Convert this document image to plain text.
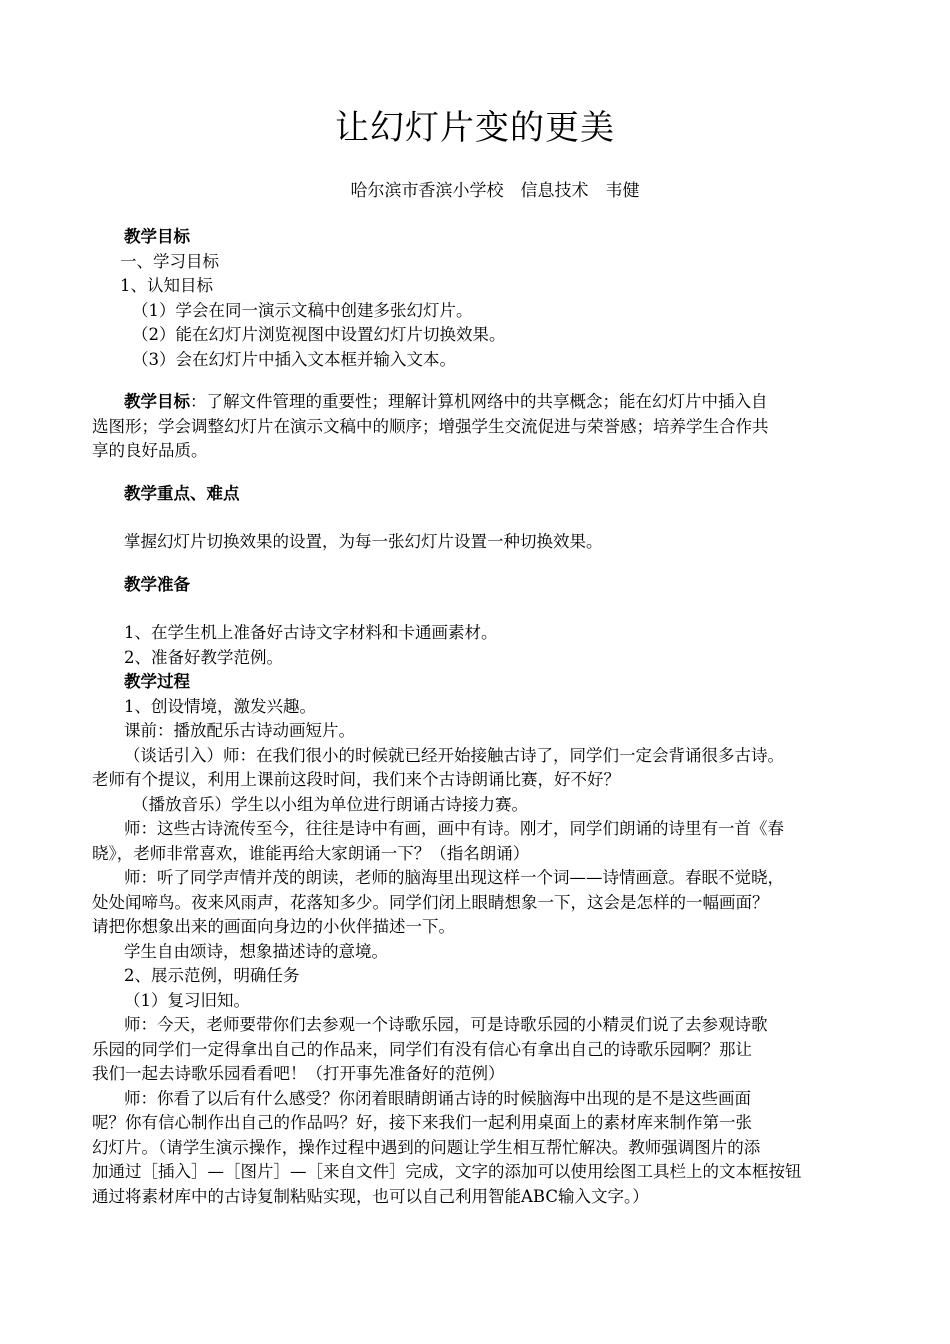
让幻灯片变的更美
哈尔滨市香滨小学校　信息技术　韦健
教学目标
一、学习目标
1、认知目标
（1）学会在同一演示文稿中创建多张幻灯片。
（2）能在幻灯片浏览视图中设置幻灯片切换效果。
（3）会在幻灯片中插入文本框并输入文本。
教学目标：了解文件管理的重要性；理解计算机网络中的共享概念；能在幻灯片中插入自
选图形；学会调整幻灯片在演示文稿中的顺序；增强学生交流促进与荣誉感；培养学生合作共
享的良好品质。
教学重点、难点
掌握幻灯片切换效果的设置，为每一张幻灯片设置一种切换效果。
教学准备
1、在学生机上准备好古诗文字材料和卡通画素材。
2、准备好教学范例。
教学过程
1、创设情境，激发兴趣。
课前：播放配乐古诗动画短片。
（谈话引入）师：在我们很小的时候就已经开始接触古诗了，同学们一定会背诵很多古诗。
老师有个提议，利用上课前这段时间，我们来个古诗朗诵比赛，好不好？
（播放音乐）学生以小组为单位进行朗诵古诗接力赛。
师：这些古诗流传至今，往往是诗中有画，画中有诗。刚才，同学们朗诵的诗里有一首《春
晓》，老师非常喜欢，谁能再给大家朗诵一下？（指名朗诵）
师：听了同学声情并茂的朗读，老师的脑海里出现这样一个词——诗情画意。春眠不觉晓，
处处闻啼鸟。夜来风雨声，花落知多少。同学们闭上眼睛想象一下，这会是怎样的一幅画面？
请把你想象出来的画面向身边的小伙伴描述一下。
学生自由颂诗，想象描述诗的意境。
2、展示范例，明确任务
（1）复习旧知。
师：今天，老师要带你们去参观一个诗歌乐园，可是诗歌乐园的小精灵们说了去参观诗歌
乐园的同学们一定得拿出自己的作品来，同学们有没有信心有拿出自己的诗歌乐园啊？那让
我们一起去诗歌乐园看看吧！（打开事先准备好的范例）
师：你看了以后有什么感受？你闭着眼睛朗诵古诗的时候脑海中出现的是不是这些画面
呢？你有信心制作出自己的作品吗？好，接下来我们一起利用桌面上的素材库来制作第一张
幻灯片。（请学生演示操作，操作过程中遇到的问题让学生相互帮忙解决。教师强调图片的添
加通过［插入］—［图片］—［来自文件］完成，文字的添加可以使用绘图工具栏上的文本框按钮
通过将素材库中的古诗复制粘贴实现，也可以自己利用智能ABC输入文字。）
